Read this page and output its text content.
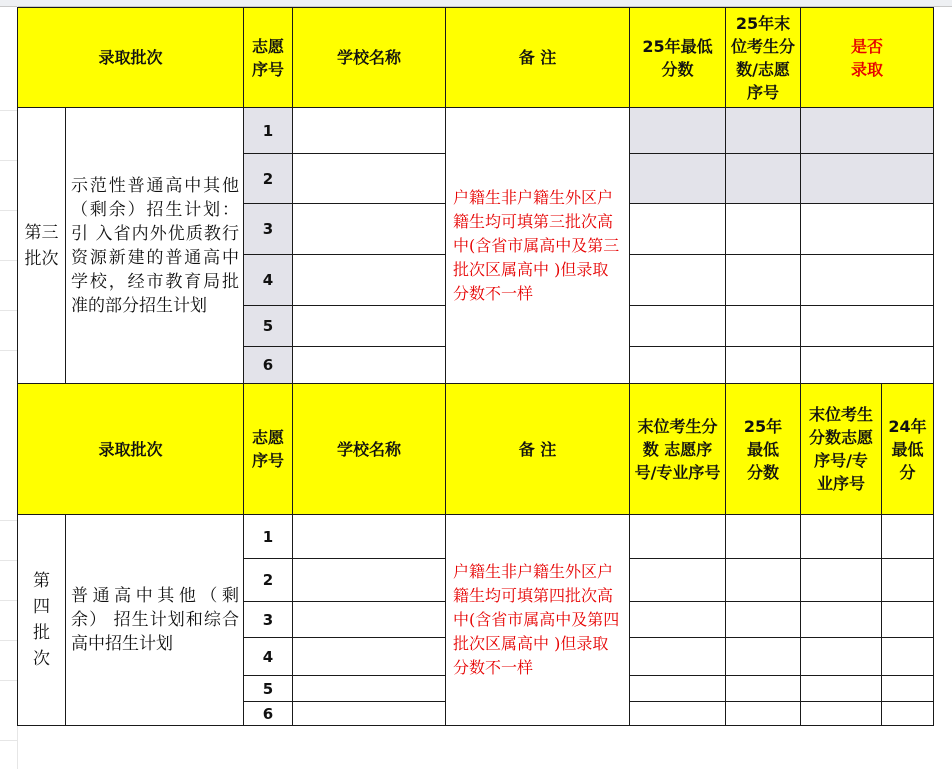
录取批次
志愿序号
学校名称	备 注
25年最低分数
25年末位考生分数/志愿序号
是否录取
第三批次
示范性普通高中其他（剩余）招生计划：引 入省内外优质教行资源新建的普通高中学校，经市教育局批准的部分招生计划
户籍生非户籍生外区户籍生均可填第三批次高中(含省市属高中及第三批次区属高中 )但录取分数不一样
1
2
3
4
5
6
录取批次
志愿序号
学校名称	备 注
末位考生分数 志愿序号/专业序号
25年最低分数
末位考生分数志愿序号/专业序号
24年最低分
第四批次
普通高中其他（剩余） 招生计划和综合高中招生计划
户籍生非户籍生外区户籍生均可填第四批次高中(含省市属高中及第四批次区属高中 )但录取分数不一样
1
2
3
4
5
6
